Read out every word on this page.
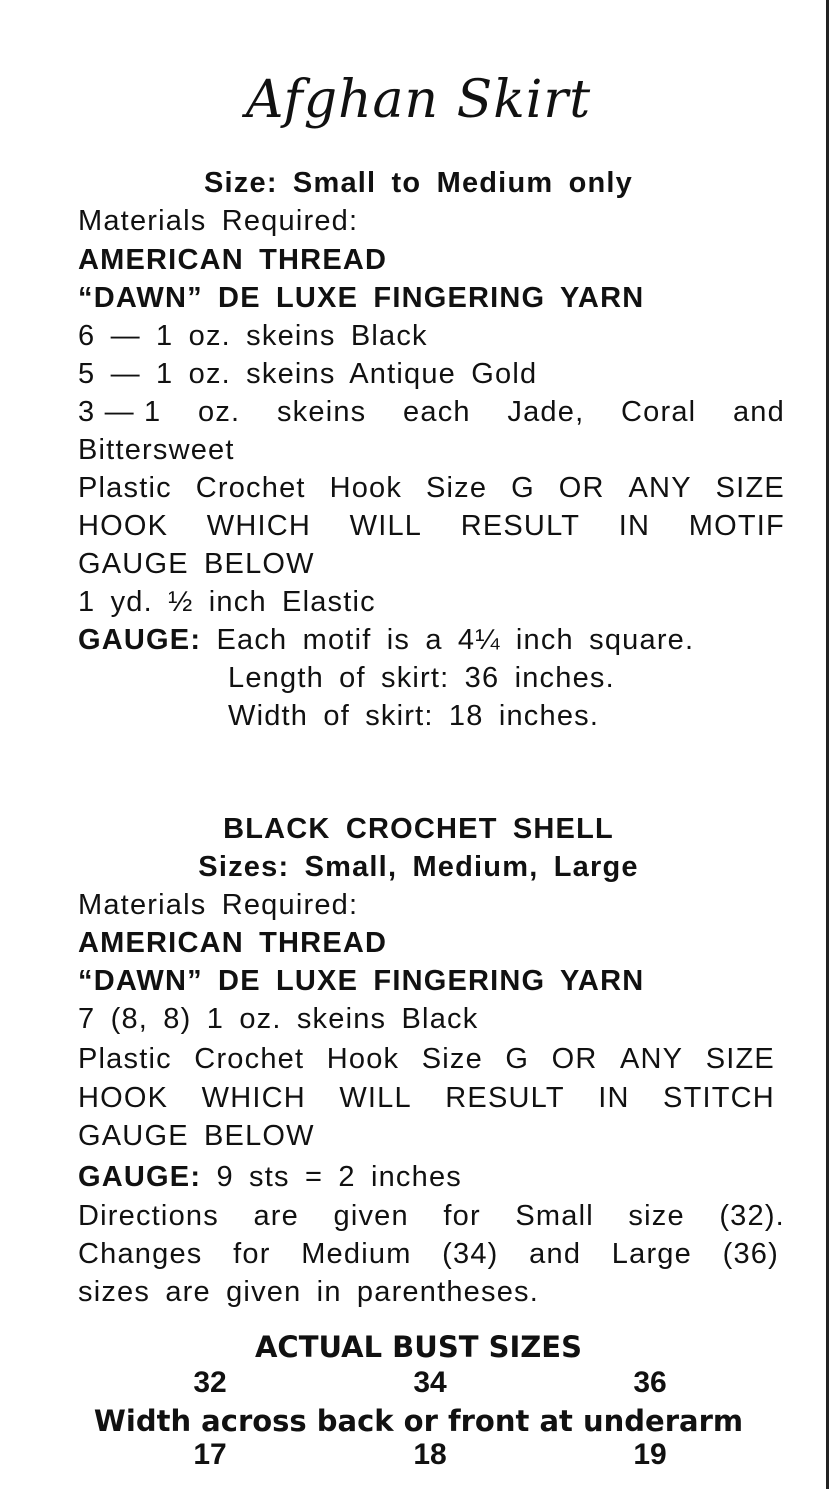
Afghan Skirt
Size: Small to Medium only
Materials Required:
AMERICAN THREAD
“DAWN” DE LUXE FINGERING YARN
6 — 1 oz. skeins Black
5 — 1 oz. skeins Antique Gold
3 — 1 oz. skeins each Jade, Coral and
Bittersweet
Plastic Crochet Hook Size G OR ANY SIZE
HOOK WHICH WILL RESULT IN MOTIF
GAUGE BELOW
1 yd. ½ inch Elastic
GAUGE: Each motif is a 4¼ inch square.
Length of skirt: 36 inches.
Width of skirt: 18 inches.
BLACK CROCHET SHELL
Sizes: Small, Medium, Large
Materials Required:
AMERICAN THREAD
“DAWN” DE LUXE FINGERING YARN
7 (8, 8) 1 oz. skeins Black
Plastic Crochet Hook Size G OR ANY SIZE
HOOK WHICH WILL RESULT IN STITCH
GAUGE BELOW
GAUGE: 9 sts = 2 inches
Directions are given for Small size (32).
Changes for Medium (34) and Large (36)
sizes are given in parentheses.
ACTUAL BUST SIZES
32	34	36
Width across back or front at underarm
17	18	19
